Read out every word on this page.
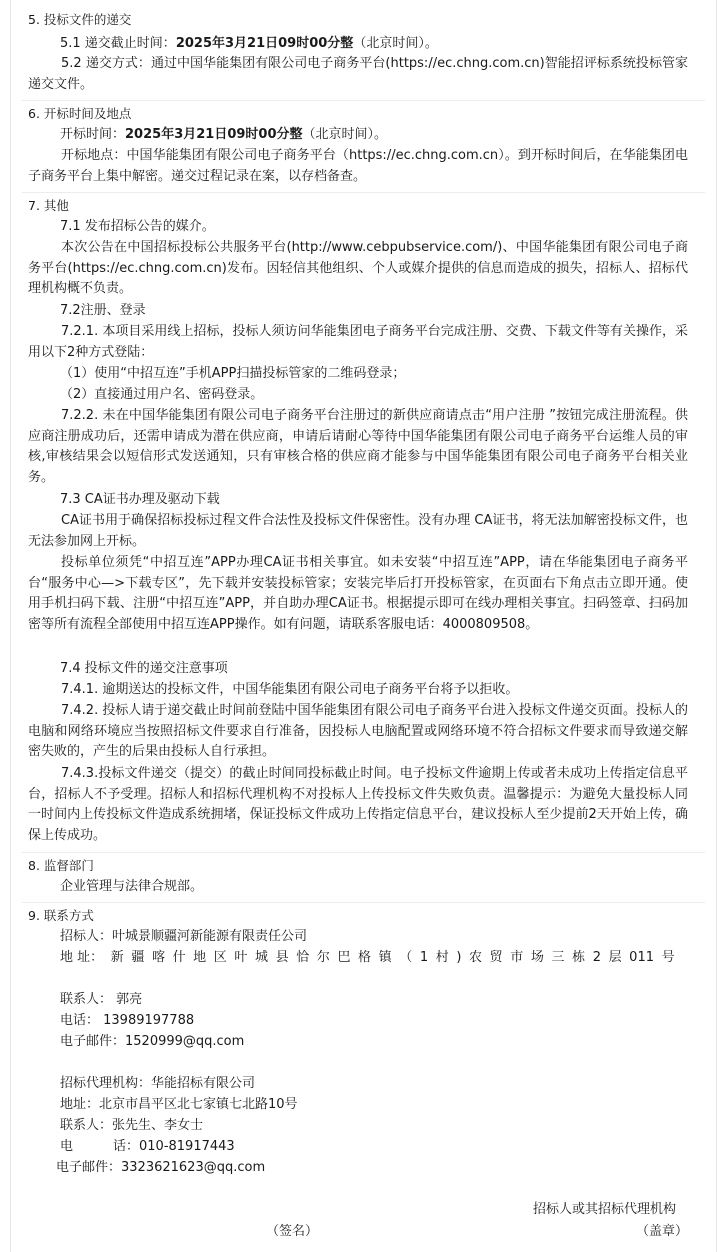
5. 投标文件的递交
5.1 递交截止时间：2025年3月21日09时00分整（北京时间）。
5.2 递交方式：通过中国华能集团有限公司电子商务平台(https://ec.chng.com.cn)智能招评标系统投标管家递交文件。
6. 开标时间及地点
开标时间：2025年3月21日09时00分整（北京时间）。
开标地点：中国华能集团有限公司电子商务平台（https://ec.chng.com.cn）。到开标时间后，在华能集团电子商务平台上集中解密。递交过程记录在案，以存档备查。
7. 其他
7.1 发布招标公告的媒介。
本次公告在中国招标投标公共服务平台(http://www.cebpubservice.com/)、中国华能集团有限公司电子商务平台(https://ec.chng.com.cn)发布。因轻信其他组织、个人或媒介提供的信息而造成的损失，招标人、招标代理机构概不负责。
7.2注册、登录
7.2.1. 本项目采用线上招标，投标人须访问华能集团电子商务平台完成注册、交费、下载文件等有关操作，采用以下2种方式登陆：
（1）使用“中招互连”手机APP扫描投标管家的二维码登录；
（2）直接通过用户名、密码登录。
7.2.2. 未在中国华能集团有限公司电子商务平台注册过的新供应商请点击“用户注册 ”按钮完成注册流程。供应商注册成功后，还需申请成为潜在供应商，申请后请耐心等待中国华能集团有限公司电子商务平台运维人员的审核,审核结果会以短信形式发送通知，只有审核合格的供应商才能参与中国华能集团有限公司电子商务平台相关业务。
7.3 CA证书办理及驱动下载
CA证书用于确保招标投标过程文件合法性及投标文件保密性。没有办理 CA证书，将无法加解密投标文件，也无法参加网上开标。
投标单位须凭“中招互连”APP办理CA证书相关事宜。如未安装“中招互连”APP，请在华能集团电子商务平台“服务中心—>下载专区”，先下载并安装投标管家；安装完毕后打开投标管家，在页面右下角点击立即开通。使用手机扫码下载、注册“中招互连”APP，并自助办理CA证书。根据提示即可在线办理相关事宜。扫码签章、扫码加密等所有流程全部使用中招互连APP操作。如有问题，请联系客服电话：4000809508。
7.4 投标文件的递交注意事项
7.4.1. 逾期送达的投标文件，中国华能集团有限公司电子商务平台将予以拒收。
7.4.2. 投标人请于递交截止时间前登陆中国华能集团有限公司电子商务平台进入投标文件递交页面。投标人的电脑和网络环境应当按照招标文件要求自行准备，因投标人电脑配置或网络环境不符合招标文件要求而导致递交解密失败的，产生的后果由投标人自行承担。
7.4.3.投标文件递交（提交）的截止时间同投标截止时间。电子投标文件逾期上传或者未成功上传指定信息平台，招标人不予受理。招标人和招标代理机构不对投标人上传投标文件失败负责。温馨提示：为避免大量投标人同一时间内上传投标文件造成系统拥堵，保证投标文件成功上传指定信息平台，建议投标人至少提前2天开始上传，确保上传成功。
8. 监督部门
企业管理与法律合规部。
9. 联系方式
招标人：叶城景顺疆河新能源有限责任公司
地 址： 新 疆 喀 什 地 区 叶 城 县 恰 尔 巴 格 镇 （ 1 村 ) 农 贸 市 场 三 栋 2 层 011 号
联系人： 郭亮
电话： 13989197788
电子邮件：1520999@qq.com
招标代理机构：华能招标有限公司
地址：北京市昌平区北七家镇七北路10号
联系人：张先生、李女士
电	话：010-81917443
电子邮件：3323621623@qq.com
招标人或其招标代理机构
（签名）	（盖章）
